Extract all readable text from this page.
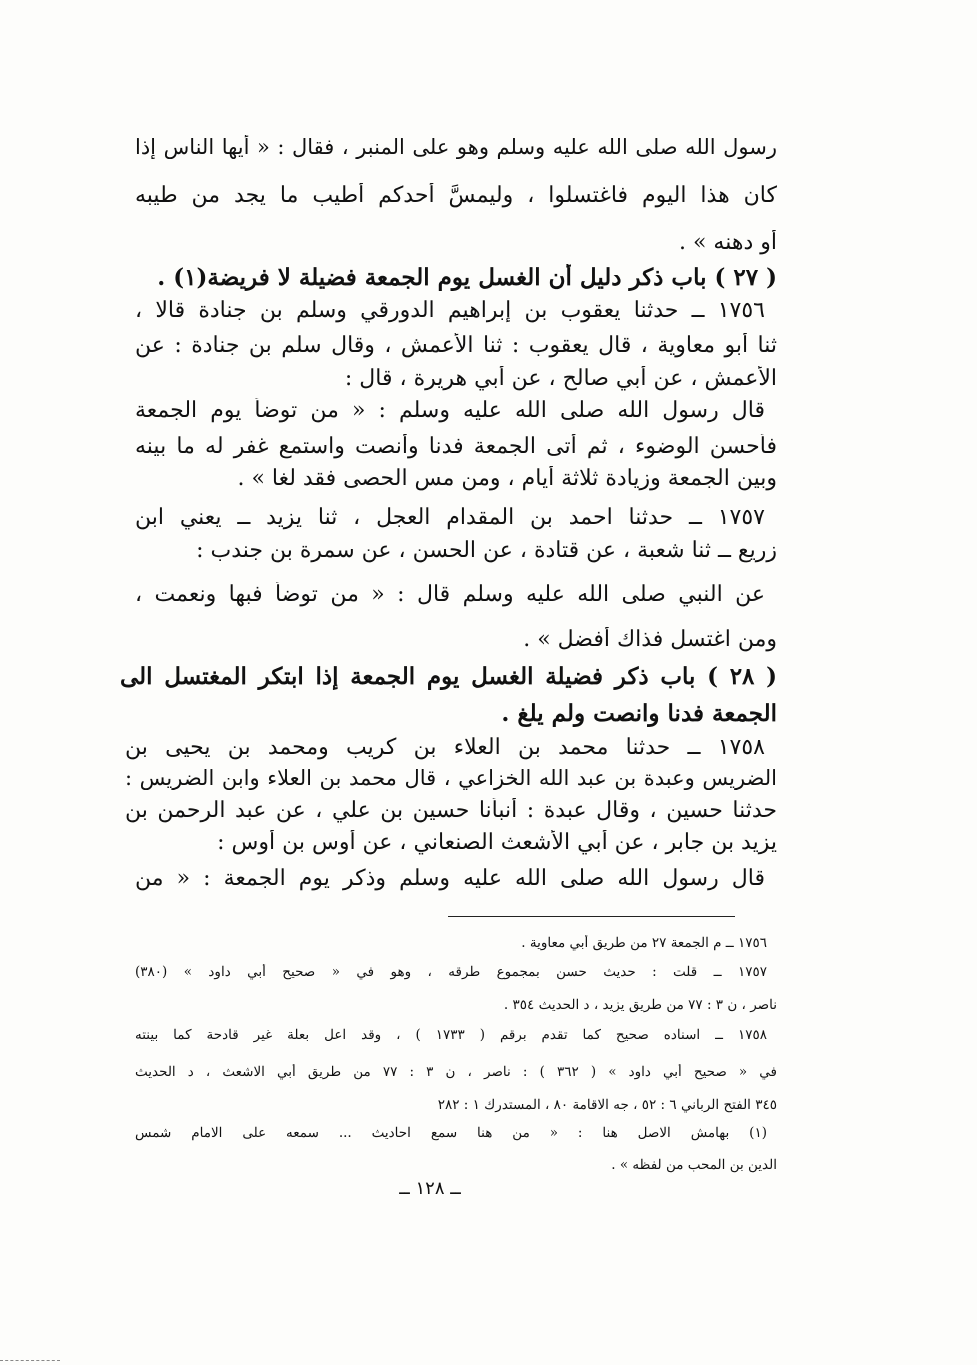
رسول الله صلى الله عليه وسلم وهو على المنبر ، فقال : « أيها الناس إذا
كان هذا اليوم فاغتسلوا ، وليمسَّ أحدكم أطيب ما يجد من طيبه
أو دهنه » .
( ٢٧ ) باب ذكر دليل أن الغسل يوم الجمعة فضيلة لا فريضة(١) .
١٧٥٦ ــ حدثنا يعقوب بن إبراهيم الدورقي وسلم بن جنادة قالا ،
ثنا أبو معاوية ، قال يعقوب : ثنا الأعمش ، وقال سلم بن جنادة : عن
الأعمش ، عن أبي صالح ، عن أبي هريرة ، قال :
قال رسول الله صلى الله عليه وسلم : « من توضأ يوم الجمعة
فأحسن الوضوء ، ثم أتى الجمعة فدنا وأنصت واستمع غفر له ما بينه
وبين الجمعة وزيادة ثلاثة أيام ، ومن مس الحصى فقد لغا » .
١٧٥٧ ــ حدثنا احمد بن المقدام العجل ، ثنا يزيد ــ يعني ابن
زريع ــ ثنا شعبة ، عن قتادة ، عن الحسن ، عن سمرة بن جندب :
عن النبي صلى الله عليه وسلم قال : « من توضأ فبها ونعمت ،
ومن اغتسل فذاك أفضل » .
( ٢٨ ) باب ذكر فضيلة الغسل يوم الجمعة إذا ابتكر المغتسل الى
الجمعة فدنا وانصت ولم يلغ .
١٧٥٨ ــ حدثنا محمد بن العلاء بن كريب ومحمد بن يحيى بن
الضريس وعبدة بن عبد الله الخزاعي ، قال محمد بن العلاء وابن الضريس :
حدثنا حسين ، وقال عبدة : أنبأنا حسين بن علي ، عن عبد الرحمن بن
يزيد بن جابر ، عن أبي الأشعث الصنعاني ، عن أوس بن أوس :
قال رسول الله صلى الله عليه وسلم وذكر يوم الجمعة : « من
١٧٥٦ ــ م الجمعة ٢٧ من طريق أبي معاوية .
١٧٥٧ ــ قلت : حديث حسن بمجموع طرقه ، وهو في « صحيح أبي داود » (٣٨٠)
ناصر ، ن ٣ : ٧٧ من طريق يزيد ، د الحديث ٣٥٤ .
١٧٥٨ ــ اسناده صحيح كما تقدم برقم ( ١٧٣٣ ) ، وقد اعل بعلة غير قادحة كما بينته
في « صحيح أبي داود » ( ٣٦٢ ) : ناصر ، ن ٣ : ٧٧ من طريق أبي الاشعث ، د الحديث
٣٤٥ الفتح الرباني ٦ : ٥٢ ، جه الاقامة ٨٠ ، المستدرك ١ : ٢٨٢
(١) بهامش الاصل هنا : « من هنا سمع احاديث ... سمعه على الامام شمس
الدين بن المحب من لفظه » .
ــ ١٢٨ ــ
